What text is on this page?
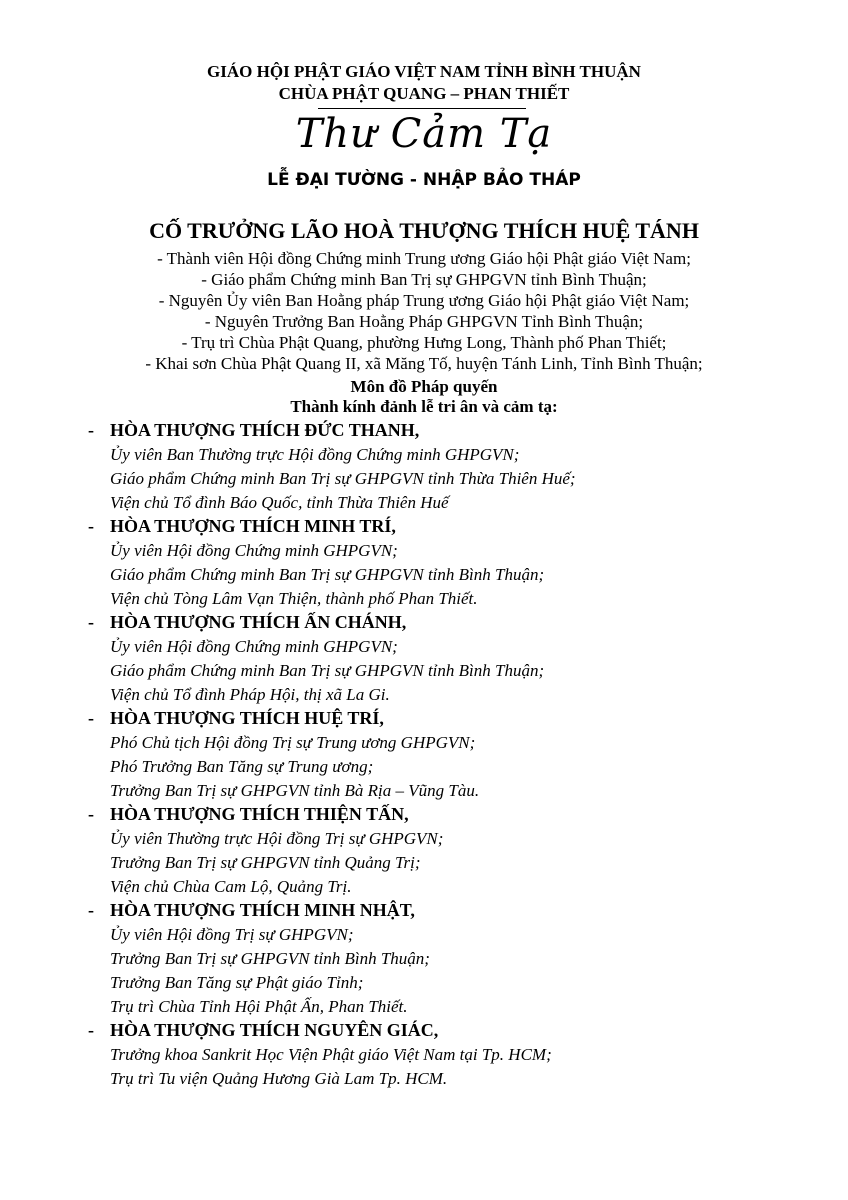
GIÁO HỘI PHẬT GIÁO VIỆT NAM TỈNH BÌNH THUẬN
CHÙA PHẬT QUANG – PHAN THIẾT
Thư Cảm Tạ
LỄ ĐẠI TƯỜNG - NHẬP BẢO THÁP
CỐ TRƯỞNG LÃO HOÀ THƯỢNG THÍCH HUỆ TÁNH
- Thành viên Hội đồng Chứng minh Trung ương Giáo hội Phật giáo Việt Nam;
- Giáo phẩm Chứng minh Ban Trị sự GHPGVN tỉnh Bình Thuận;
- Nguyên Ủy viên Ban Hoằng pháp Trung ương Giáo hội Phật giáo Việt Nam;
- Nguyên Trưởng Ban Hoằng Pháp GHPGVN Tỉnh Bình Thuận;
- Trụ trì Chùa Phật Quang, phường Hưng Long, Thành phố Phan Thiết;
- Khai sơn Chùa Phật Quang II, xã Măng Tố, huyện Tánh Linh, Tỉnh Bình Thuận;
Môn đồ Pháp quyến
Thành kính đảnh lễ tri ân và cảm tạ:
- HÒA THƯỢNG THÍCH ĐỨC THANH,
Ủy viên Ban Thường trực Hội đồng Chứng minh GHPGVN;
Giáo phẩm Chứng minh Ban Trị sự GHPGVN tỉnh Thừa Thiên Huế;
Viện chủ Tổ đình Báo Quốc, tỉnh Thừa Thiên Huế
- HÒA THƯỢNG THÍCH MINH TRÍ,
Ủy viên Hội đồng Chứng minh GHPGVN;
Giáo phẩm Chứng minh Ban Trị sự GHPGVN tỉnh Bình Thuận;
Viện chủ Tòng Lâm Vạn Thiện, thành phố Phan Thiết.
- HÒA THƯỢNG THÍCH ẤN CHÁNH,
Ủy viên Hội đồng Chứng minh GHPGVN;
Giáo phẩm Chứng minh Ban Trị sự GHPGVN tỉnh Bình Thuận;
Viện chủ Tổ đình Pháp Hội, thị xã La Gi.
- HÒA THƯỢNG THÍCH HUỆ TRÍ,
Phó Chủ tịch Hội đồng Trị sự Trung ương GHPGVN;
Phó Trưởng Ban Tăng sự Trung ương;
Trưởng Ban Trị sự GHPGVN tỉnh Bà Rịa – Vũng Tàu.
- HÒA THƯỢNG THÍCH THIỆN TẤN,
Ủy viên Thường trực Hội đồng Trị sự GHPGVN;
Trưởng Ban Trị sự GHPGVN tỉnh Quảng Trị;
Viện chủ Chùa Cam Lộ, Quảng Trị.
- HÒA THƯỢNG THÍCH MINH NHẬT,
Ủy viên Hội đồng Trị sự GHPGVN;
Trưởng Ban Trị sự GHPGVN tỉnh Bình Thuận;
Trưởng Ban Tăng sự Phật giáo Tỉnh;
Trụ trì Chùa Tỉnh Hội Phật Ấn, Phan Thiết.
- HÒA THƯỢNG THÍCH NGUYÊN GIÁC,
Trưởng khoa Sankrit Học Viện Phật giáo Việt Nam tại Tp. HCM;
Trụ trì Tu viện Quảng Hương Già Lam Tp. HCM.
